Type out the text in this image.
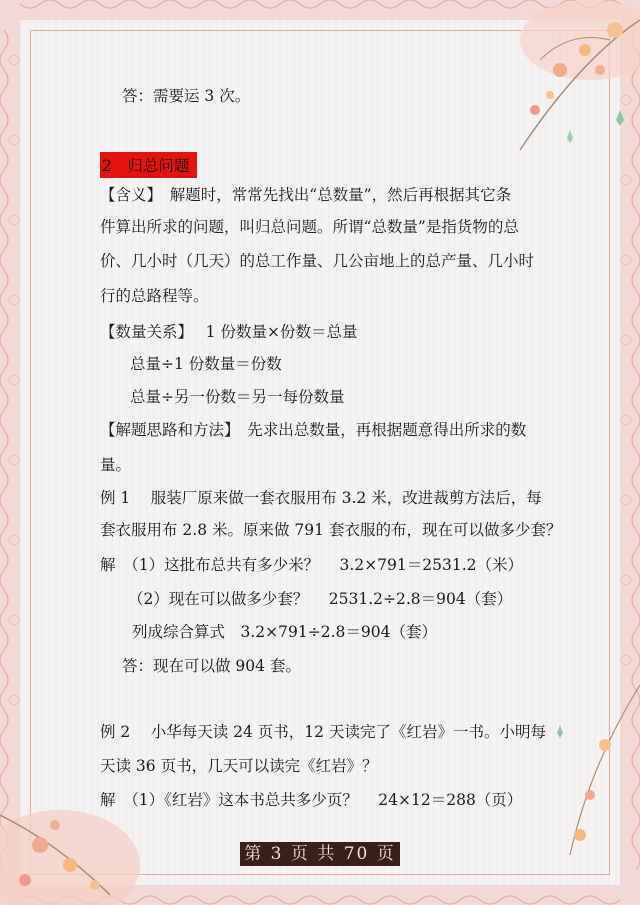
答：需要运 3 次。
2　归总问题
【含义】　解题时，常常先找出“总数量”，然后再根据其它条
件算出所求的问题，叫归总问题。所谓“总数量”是指货物的总
价、几小时（几天）的总工作量、几公亩地上的总产量、几小时
行的总路程等。
【数量关系】　 1 份数量×份数＝总量
总量÷1 份数量＝份数
总量÷另一份数＝另一每份数量
【解题思路和方法】　先求出总数量，再根据题意得出所求的数
量。
例 1　 服装厂原来做一套衣服用布 3.2 米，改进裁剪方法后，每
套衣服用布 2.8 米。原来做 791 套衣服的布，现在可以做多少套？
解　（1）这批布总共有多少米？　 3.2×791＝2531.2（米）
（2）现在可以做多少套？　 2531.2÷2.8＝904（套）
列成综合算式　3.2×791÷2.8＝904（套）
答：现在可以做 904 套。
例 2　 小华每天读 24 页书，12 天读完了《红岩》一书。小明每
天读 36 页书，几天可以读完《红岩》？
解　（1）《红岩》这本书总共多少页？　 24×12＝288（页）
第 3 页 共 70 页
